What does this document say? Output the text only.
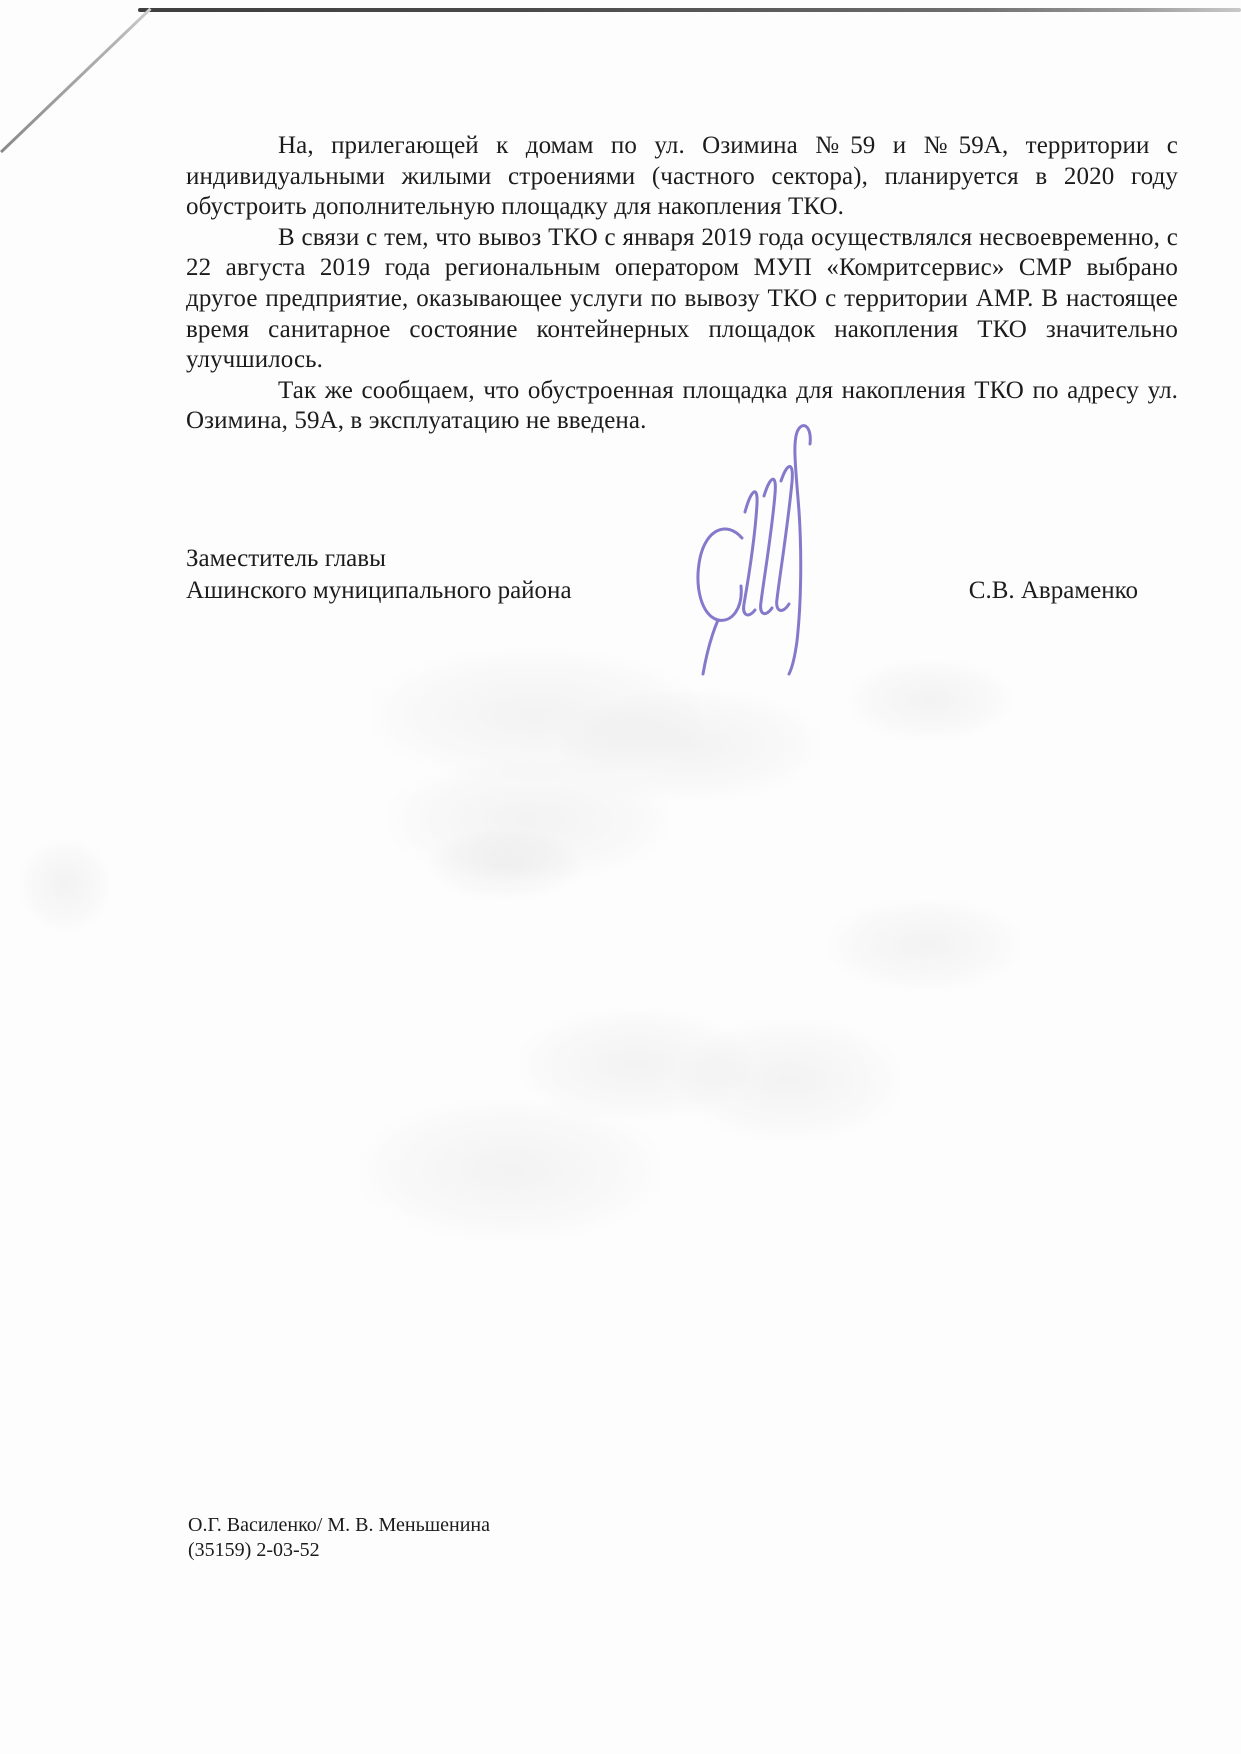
На, прилегающей к домам по ул. Озимина №59 и №59А, территории с индивидуальными жилыми строениями (частного сектора), планируется в 2020 году обустроить дополнительную площадку для накопления ТКО.

В связи с тем, что вывоз ТКО с января 2019 года осуществлялся несвоевременно, с 22 августа 2019 года региональным оператором МУП «Комритсервис» СМР выбрано другое предприятие, оказывающее услуги по вывозу ТКО с территории АМР. В настоящее время санитарное состояние контейнерных площадок накопления ТКО значительно улучшилось.

Так же сообщаем, что обустроенная площадка для накопления ТКО по адресу ул. Озимина, 59А, в эксплуатацию не введена.

Заместитель главы
Ашинского муниципального района	С.В. Авраменко
О.Г. Василенко/ М. В. Меньшенина
(35159) 2-03-52
